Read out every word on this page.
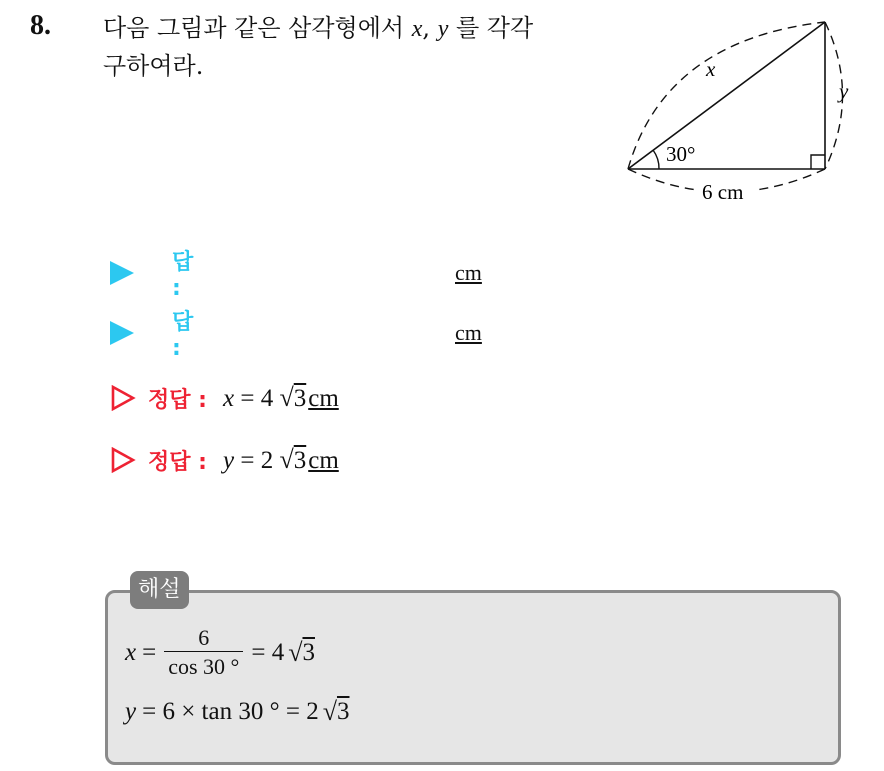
8. 다음 그림과 같은 삼각형에서 x, y 를 각각
구하여라.	x
y
30°
6 cm
답 :
cm
답 :
cm
정답 : x = 4 √3cm
정답 : y = 2 √3cm
해설
$x = \frac{6}{\cos 30 ^\circ} = 4$ √ 3
y = 6 × tan 30 ° = 2 √ 3
